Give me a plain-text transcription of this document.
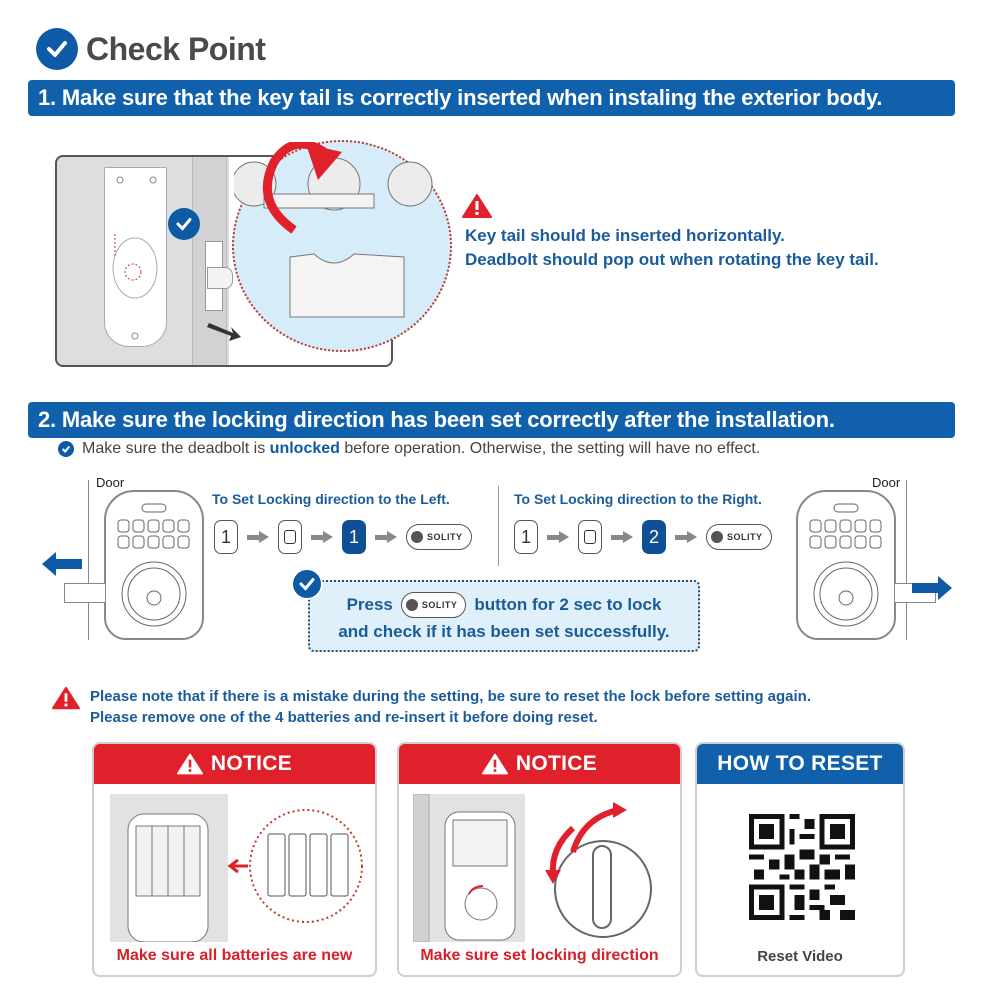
Check Point
1. Make sure that the key tail is correctly inserted when instaling the exterior body.
Key tail should be inserted horizontally.
Deadbolt should pop out when rotating the key tail.
2. Make sure the locking direction has been set correctly after the installation.
Make sure the deadbolt is unlocked before operation. Otherwise, the setting will have no effect.
Door
To Set Locking direction to the Left.
1	1	SOLITY
To Set Locking direction to the Right.
1	2	SOLITY
Door
Press	SOLITY button for 2 sec to lock
and check if it has been set successfully.
Please note that if there is a mistake during the setting, be sure to reset the lock before setting again.
Please remove one of the 4 batteries and re-insert it before doing reset.
NOTICE
Make sure all batteries are new
NOTICE
Make sure set locking direction
HOW TO RESET
Reset Video
